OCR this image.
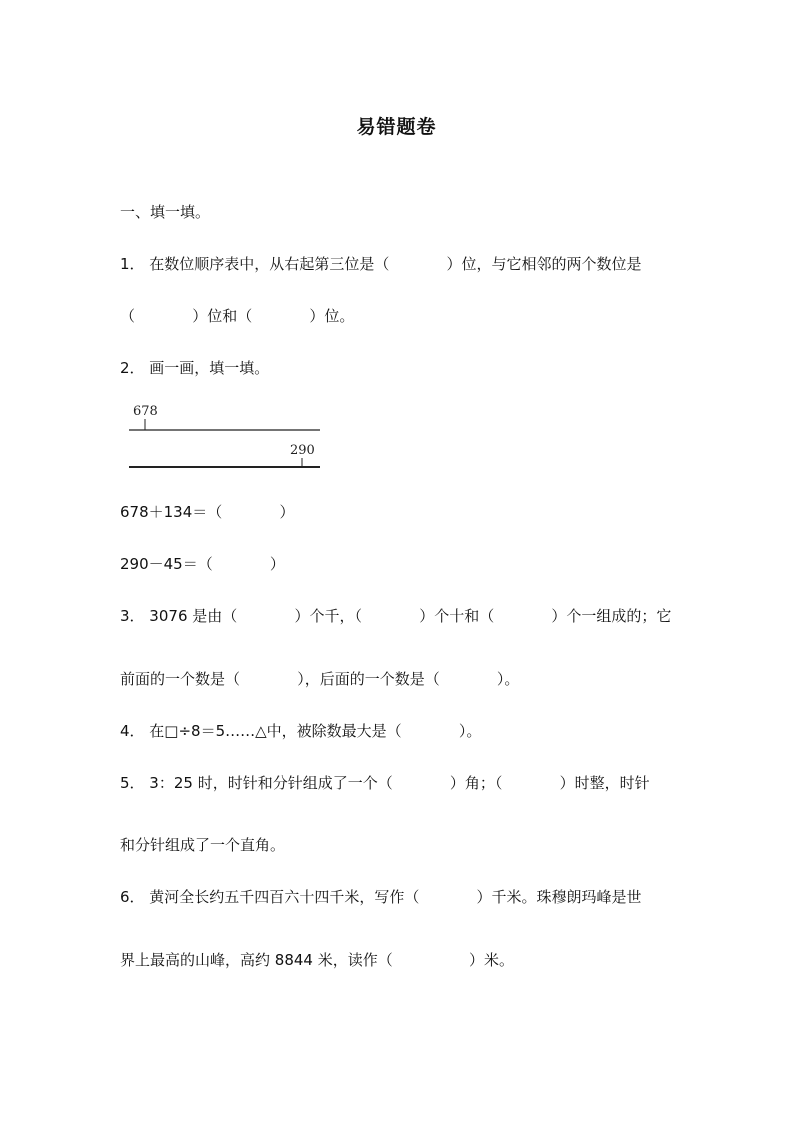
易错题卷
一、填一填。
1． 在数位顺序表中，从右起第三位是（            ）位，与它相邻的两个数位是
（            ）位和（            ）位。
2． 画一画，填一填。
678
290
678＋134＝（            ）
290－45＝（            ）
3． 3076 是由（            ）个千，（            ）个十和（            ）个一组成的；它
前面的一个数是（            ），后面的一个数是（            ）。
4． 在□÷8＝5……△中，被除数最大是（            ）。
5． 3：25 时，时针和分针组成了一个（            ）角；（            ）时整，时针
和分针组成了一个直角。
6． 黄河全长约五千四百六十四千米，写作（            ）千米。珠穆朗玛峰是世
界上最高的山峰，高约 8844 米，读作（                ）米。
